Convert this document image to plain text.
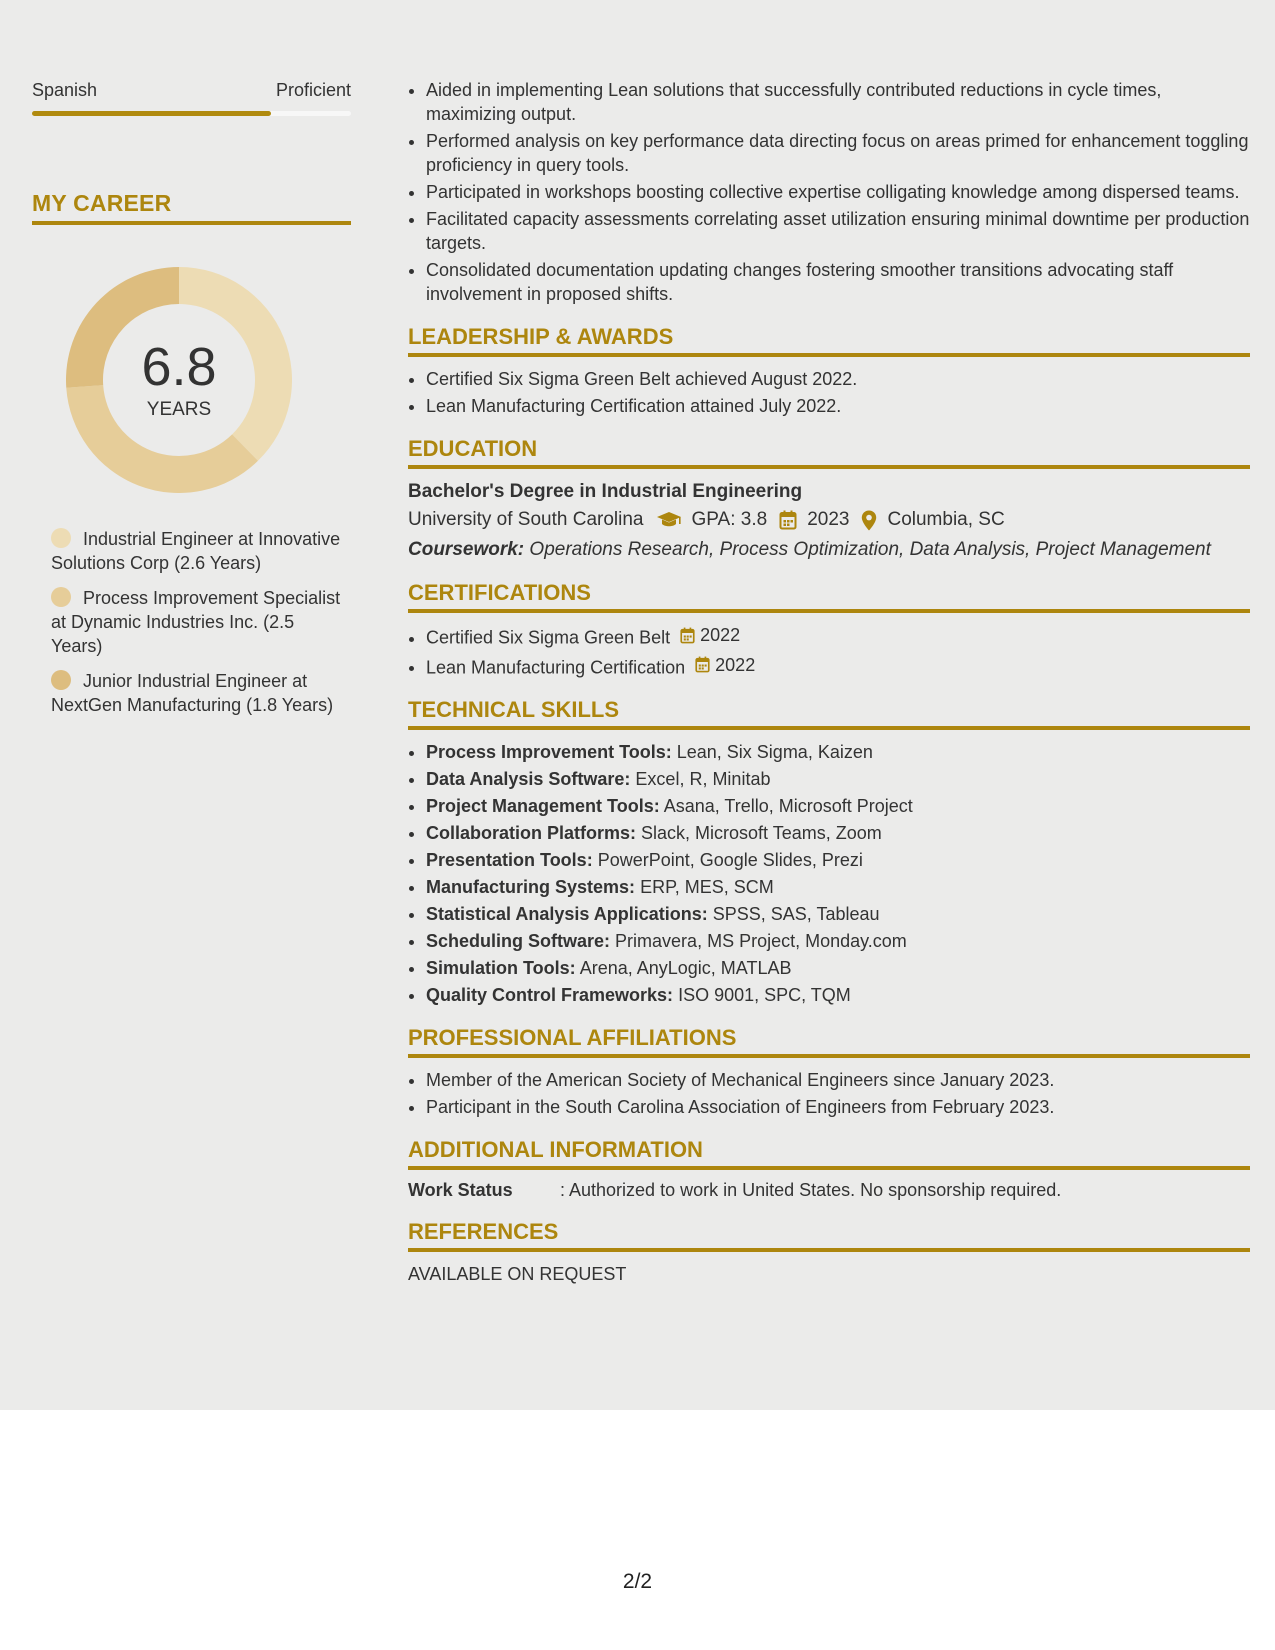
Spanish	Proficient
MY CAREER
6.8
YEARS
Industrial Engineer at Innovative Solutions Corp (2.6 Years)
Process Improvement Specialist at Dynamic Industries Inc. (2.5 Years)
Junior Industrial Engineer at NextGen Manufacturing (1.8 Years)
• Aided in implementing Lean solutions that successfully contributed reductions in cycle times, maximizing output.
• Performed analysis on key performance data directing focus on areas primed for enhancement toggling proficiency in query tools.
• Participated in workshops boosting collective expertise colligating knowledge among dispersed teams.
• Facilitated capacity assessments correlating asset utilization ensuring minimal downtime per production targets.
• Consolidated documentation updating changes fostering smoother transitions advocating staff involvement in proposed shifts.
LEADERSHIP & AWARDS
• Certified Six Sigma Green Belt achieved August 2022.
• Lean Manufacturing Certification attained July 2022.
EDUCATION
Bachelor's Degree in Industrial Engineering
University of South Carolina	GPA: 3.8 2023 Columbia, SC
Coursework: Operations Research, Process Optimization, Data Analysis, Project Management
CERTIFICATIONS
• Certified Six Sigma Green Belt 2022
• Lean Manufacturing Certification 2022
TECHNICAL SKILLS
• Process Improvement Tools: Lean, Six Sigma, Kaizen
• Data Analysis Software: Excel, R, Minitab
• Project Management Tools: Asana, Trello, Microsoft Project
• Collaboration Platforms: Slack, Microsoft Teams, Zoom
• Presentation Tools: PowerPoint, Google Slides, Prezi
• Manufacturing Systems: ERP, MES, SCM
• Statistical Analysis Applications: SPSS, SAS, Tableau
• Scheduling Software: Primavera, MS Project, Monday.com
• Simulation Tools: Arena, AnyLogic, MATLAB
• Quality Control Frameworks: ISO 9001, SPC, TQM
PROFESSIONAL AFFILIATIONS
• Member of the American Society of Mechanical Engineers since January 2023.
• Participant in the South Carolina Association of Engineers from February 2023.
ADDITIONAL INFORMATION
Work Status	: Authorized to work in United States. No sponsorship required.
REFERENCES
AVAILABLE ON REQUEST
2/2
